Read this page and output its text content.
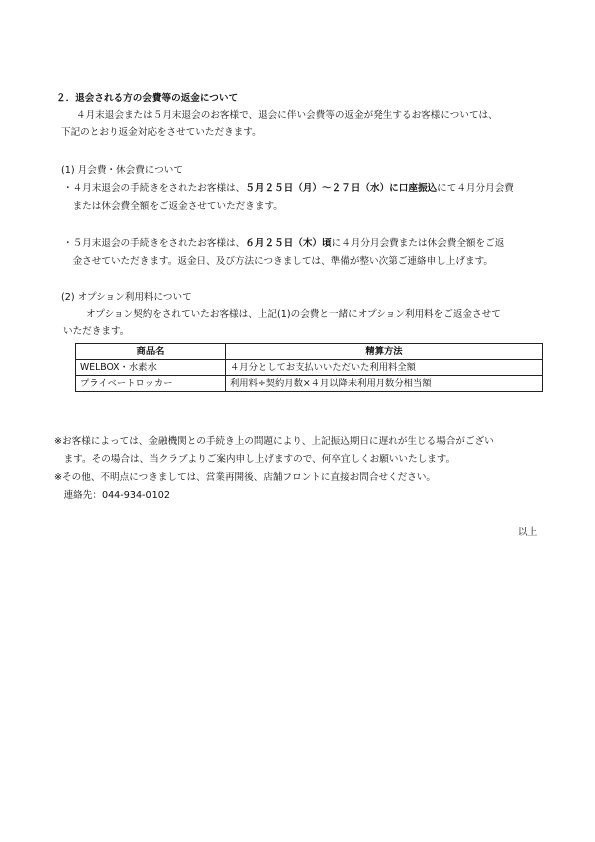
２．退会される方の会費等の返金について
４月末退会または５月末退会のお客様で、退会に伴い会費等の返金が発生するお客様については、
下記のとおり返金対応をさせていただきます。
(1) 月会費・休会費について
・４月末退会の手続きをされたお客様は、５月２５日（月）〜２７日（水）に口座振込にて４月分月会費
　または休会費全額をご返金させていただきます。
・５月末退会の手続きをされたお客様は、６月２５日（木）頃に４月分月会費または休会費全額をご返
　金させていただきます。返金日、及び方法につきましては、準備が整い次第ご連絡申し上げます。
(2) オプション利用料について
オプション契約をされていたお客様は、上記(1)の会費と一緒にオプション利用料をご返金させて
いただきます。
商品名	精算方法
WELBOX・水素水	４月分としてお支払いいただいた利用料全額
プライベートロッカー	利用料÷契約月数×４月以降未利用月数分相当額
※お客様によっては、金融機関との手続き上の問題により、上記振込期日に遅れが生じる場合がござい
　ます。その場合は、当クラブよりご案内申し上げますので、何卒宜しくお願いいたします。
※その他、不明点につきましては、営業再開後、店舗フロントに直接お問合せください。
　連絡先：044-934-0102
以上
